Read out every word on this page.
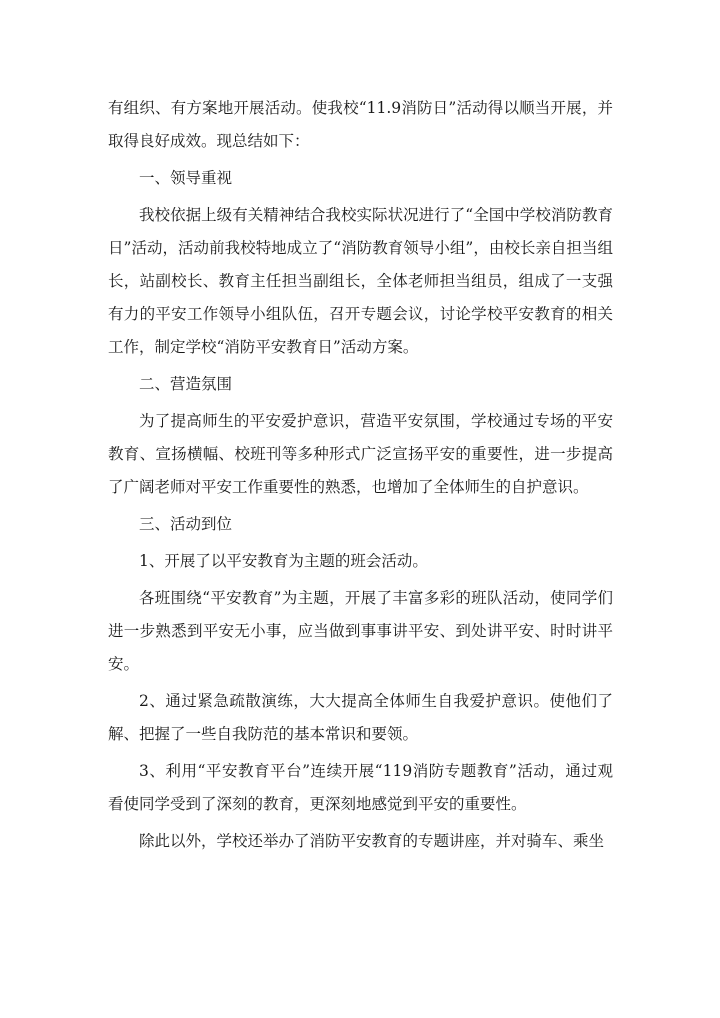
有组织、有方案地开展活动。使我校“11.9消防日”活动得以顺当开展，并取得良好成效。现总结如下：

一、领导重视

我校依据上级有关精神结合我校实际状况进行了“全国中学校消防教育日”活动，活动前我校特地成立了“消防教育领导小组”，由校长亲自担当组长，站副校长、教育主任担当副组长，全体老师担当组员，组成了一支强有力的平安工作领导小组队伍，召开专题会议，讨论学校平安教育的相关工作，制定学校“消防平安教育日”活动方案。

二、营造氛围

为了提高师生的平安爱护意识，营造平安氛围，学校通过专场的平安教育、宣扬横幅、校班刊等多种形式广泛宣扬平安的重要性，进一步提高了广阔老师对平安工作重要性的熟悉，也增加了全体师生的自护意识。

三、活动到位

1、开展了以平安教育为主题的班会活动。

各班围绕“平安教育”为主题，开展了丰富多彩的班队活动，使同学们进一步熟悉到平安无小事，应当做到事事讲平安、到处讲平安、时时讲平安。

2、通过紧急疏散演练，大大提高全体师生自我爱护意识。使他们了解、把握了一些自我防范的基本常识和要领。

3、利用“平安教育平台”连续开展“119消防专题教育”活动，通过观看使同学受到了深刻的教育，更深刻地感觉到平安的重要性。

除此以外，学校还举办了消防平安教育的专题讲座，并对骑车、乘坐
